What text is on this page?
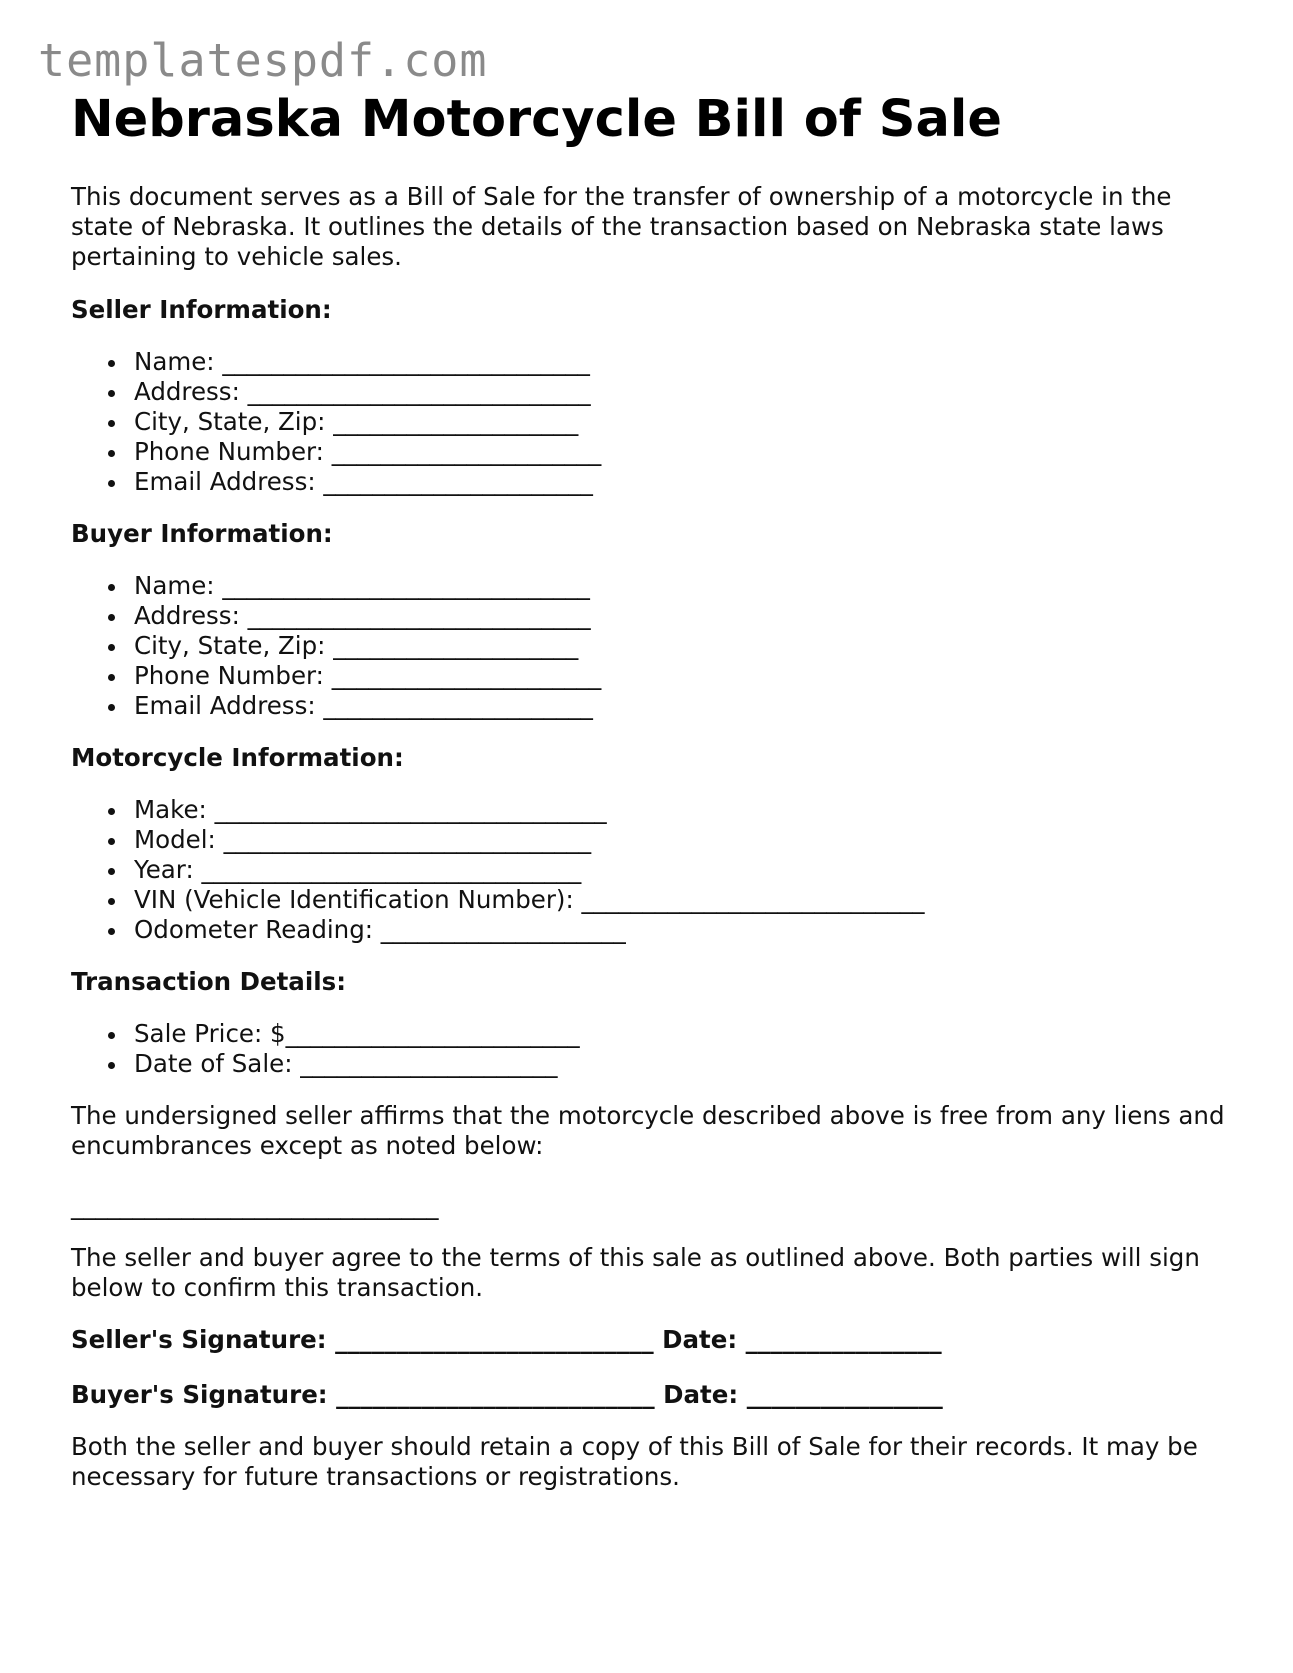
templatespdf.com
Nebraska Motorcycle Bill of Sale

This document serves as a Bill of Sale for the transfer of ownership of a motorcycle in the state of Nebraska. It outlines the details of the transaction based on Nebraska state laws pertaining to vehicle sales.

Seller Information:
Name: ______________________________
Address: ____________________________
City, State, Zip: ____________________
Phone Number: ______________________
Email Address: ______________________
Buyer Information:
Name: ______________________________
Address: ____________________________
City, State, Zip: ____________________
Phone Number: ______________________
Email Address: ______________________
Motorcycle Information:
Make: ________________________________
Model: ______________________________
Year: _______________________________
VIN (Vehicle Identification Number): ____________________________
Odometer Reading: ____________________
Transaction Details:
Sale Price: $________________________
Date of Sale: _____________________

The undersigned seller affirms that the motorcycle described above is free from any liens and encumbrances except as noted below:

______________________________

The seller and buyer agree to the terms of this sale as outlined above. Both parties will sign below to confirm this transaction.

Seller's Signature: __________________________ Date: ________________
Buyer's Signature: __________________________ Date: ________________

Both the seller and buyer should retain a copy of this Bill of Sale for their records. It may be necessary for future transactions or registrations.
